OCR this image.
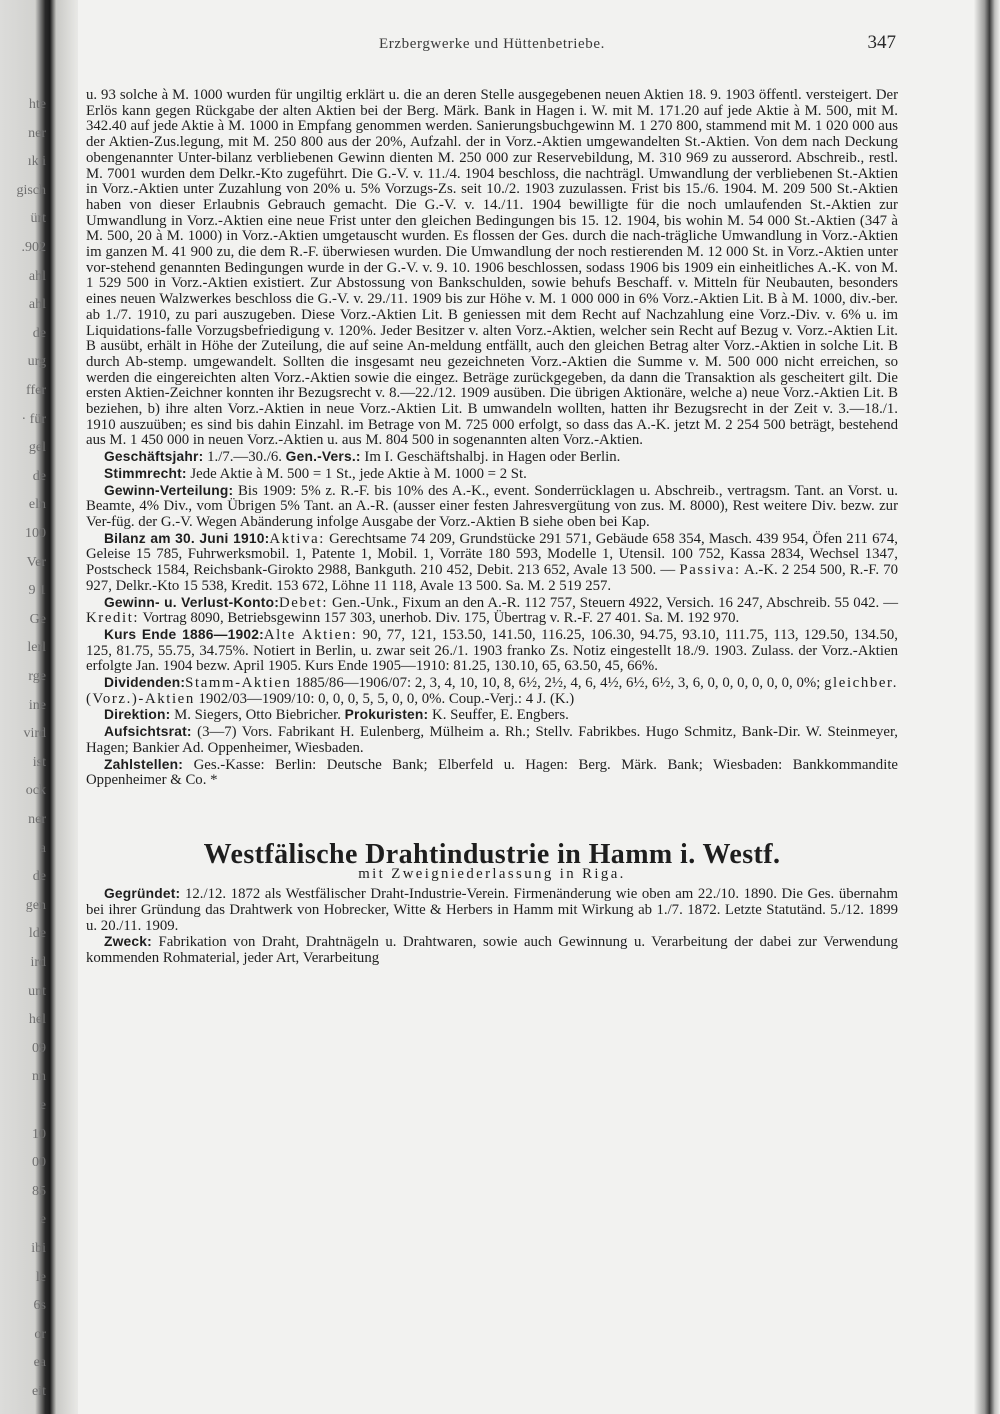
hte
ner
ık i
gisch
ürt
.902
ahl
ahl
de
urg
ffer
· für
gel
de
eln
100
Ver
9 1
Ge
lerl
rge
ine
vird
ist
ock
ner
a
de
gen
lde
ird
unt
hel
09
nn
e
10
00
85
e
ibi
le
6s
or
ea
eit
Erzbergwerke und Hüttenbetriebe.	347

u. 93 solche à M. 1000 wurden für ungiltig erklärt u. die an deren Stelle ausgegebenen neuen Aktien 18. 9. 1903 öffentl. versteigert. Der Erlös kann gegen Rückgabe der alten Aktien bei der Berg. Märk. Bank in Hagen i. W. mit M. 171.20 auf jede Aktie à M. 500, mit M. 342.40 auf jede Aktie à M. 1000 in Empfang genommen werden. Sanierungsbuchgewinn M. 1 270 800, stammend mit M. 1 020 000 aus der Aktien-Zus.legung, mit M. 250 800 aus der 20%, Aufzahl. der in Vorz.-Aktien umgewandelten St.-Aktien. Von dem nach Deckung obengenannter Unter-bilanz verbliebenen Gewinn dienten M. 250 000 zur Reservebildung, M. 310 969 zu ausserord. Abschreib., restl. M. 7001 wurden dem Delkr.-Kto zugeführt. Die G.-V. v. 11./4. 1904 beschloss, die nachträgl. Umwandlung der verbliebenen St.-Aktien in Vorz.-Aktien unter Zuzahlung von 20% u. 5% Vorzugs-Zs. seit 10./2. 1903 zuzulassen. Frist bis 15./6. 1904. M. 209 500 St.-Aktien haben von dieser Erlaubnis Gebrauch gemacht. Die G.-V. v. 14./11. 1904 bewilligte für die noch umlaufenden St.-Aktien zur Umwandlung in Vorz.-Aktien eine neue Frist unter den gleichen Bedingungen bis 15. 12. 1904, bis wohin M. 54 000 St.-Aktien (347 à M. 500, 20 à M. 1000) in Vorz.-Aktien umgetauscht wurden. Es flossen der Ges. durch die nach-trägliche Umwandlung in Vorz.-Aktien im ganzen M. 41 900 zu, die dem R.-F. überwiesen wurden. Die Umwandlung der noch restierenden M. 12 000 St. in Vorz.-Aktien unter vor-stehend genannten Bedingungen wurde in der G.-V. v. 9. 10. 1906 beschlossen, sodass 1906 bis 1909 ein einheitliches A.-K. von M. 1 529 500 in Vorz.-Aktien existiert. Zur Abstossung von Bankschulden, sowie behufs Beschaff. v. Mitteln für Neubauten, besonders eines neuen Walzwerkes beschloss die G.-V. v. 29./11. 1909 bis zur Höhe v. M. 1 000 000 in 6% Vorz.-Aktien Lit. B à M. 1000, div.-ber. ab 1./7. 1910, zu pari auszugeben. Diese Vorz.-Aktien Lit. B geniessen mit dem Recht auf Nachzahlung eine Vorz.-Div. v. 6% u. im Liquidations-falle Vorzugsbefriedigung v. 120%. Jeder Besitzer v. alten Vorz.-Aktien, welcher sein Recht auf Bezug v. Vorz.-Aktien Lit. B ausübt, erhält in Höhe der Zuteilung, die auf seine An-meldung entfällt, auch den gleichen Betrag alter Vorz.-Aktien in solche Lit. B durch Ab-stemp. umgewandelt. Sollten die insgesamt neu gezeichneten Vorz.-Aktien die Summe v. M. 500 000 nicht erreichen, so werden die eingereichten alten Vorz.-Aktien sowie die eingez. Beträge zurückgegeben, da dann die Transaktion als gescheitert gilt. Die ersten Aktien-Zeichner konnten ihr Bezugsrecht v. 8.—22./12. 1909 ausüben. Die übrigen Aktionäre, welche a) neue Vorz.-Aktien Lit. B beziehen, b) ihre alten Vorz.-Aktien in neue Vorz.-Aktien Lit. B umwandeln wollten, hatten ihr Bezugsrecht in der Zeit v. 3.—18./1. 1910 auszuüben; es sind bis dahin Einzahl. im Betrage von M. 725 000 erfolgt, so dass das A.-K. jetzt M. 2 254 500 beträgt, bestehend aus M. 1 450 000 in neuen Vorz.-Aktien u. aus M. 804 500 in sogenannten alten Vorz.-Aktien.

Geschäftsjahr: 1./7.—30./6. Gen.-Vers.: Im I. Geschäftshalbj. in Hagen oder Berlin.

Stimmrecht: Jede Aktie à M. 500 = 1 St., jede Aktie à M. 1000 = 2 St.

Gewinn-Verteilung: Bis 1909: 5% z. R.-F. bis 10% des A.-K., event. Sonderrücklagen u. Abschreib., vertragsm. Tant. an Vorst. u. Beamte, 4% Div., vom Übrigen 5% Tant. an A.-R. (ausser einer festen Jahresvergütung von zus. M. 8000), Rest weitere Div. bezw. zur Ver-füg. der G.-V. Wegen Abänderung infolge Ausgabe der Vorz.-Aktien B siehe oben bei Kap.

Bilanz am 30. Juni 1910:Aktiva: Gerechtsame 74 209, Grundstücke 291 571, Gebäude 658 354, Masch. 439 954, Öfen 211 674, Geleise 15 785, Fuhrwerksmobil. 1, Patente 1, Mobil. 1, Vorräte 180 593, Modelle 1, Utensil. 100 752, Kassa 2834, Wechsel 1347, Postscheck 1584, Reichsbank-Girokto 2988, Bankguth. 210 452, Debit. 213 652, Avale 13 500. — Passiva: A.-K. 2 254 500, R.-F. 70 927, Delkr.-Kto 15 538, Kredit. 153 672, Löhne 11 118, Avale 13 500. Sa. M. 2 519 257.

Gewinn- u. Verlust-Konto:Debet: Gen.-Unk., Fixum an den A.-R. 112 757, Steuern 4922, Versich. 16 247, Abschreib. 55 042. — Kredit: Vortrag 8090, Betriebsgewinn 157 303, unerhob. Div. 175, Übertrag v. R.-F. 27 401. Sa. M. 192 970.

Kurs Ende 1886—1902:Alte Aktien: 90, 77, 121, 153.50, 141.50, 116.25, 106.30, 94.75, 93.10, 111.75, 113, 129.50, 134.50, 125, 81.75, 55.75, 34.75%. Notiert in Berlin, u. zwar seit 26./1. 1903 franko Zs. Notiz eingestellt 18./9. 1903. Zulass. der Vorz.-Aktien erfolgte Jan. 1904 bezw. April 1905. Kurs Ende 1905—1910: 81.25, 130.10, 65, 63.50, 45, 66%.

Dividenden:Stamm-Aktien 1885/86—1906/07: 2, 3, 4, 10, 10, 8, 6½, 2½, 4, 6, 4½, 6½, 6½, 3, 6, 0, 0, 0, 0, 0, 0, 0%; gleichber. (Vorz.)-Aktien 1902/03—1909/10: 0, 0, 0, 5, 5, 0, 0, 0%. Coup.-Verj.: 4 J. (K.)

Direktion: M. Siegers, Otto Biebricher. Prokuristen: K. Seuffer, E. Engbers.

Aufsichtsrat: (3—7) Vors. Fabrikant H. Eulenberg, Mülheim a. Rh.; Stellv. Fabrikbes. Hugo Schmitz, Bank-Dir. W. Steinmeyer, Hagen; Bankier Ad. Oppenheimer, Wiesbaden.

Zahlstellen: Ges.-Kasse: Berlin: Deutsche Bank; Elberfeld u. Hagen: Berg. Märk. Bank; Wiesbaden: Bankkommandite Oppenheimer & Co. *

Westfälische Drahtindustrie in Hamm i. Westf.
mit Zweigniederlassung in Riga.

Gegründet: 12./12. 1872 als Westfälischer Draht-Industrie-Verein. Firmenänderung wie oben am 22./10. 1890. Die Ges. übernahm bei ihrer Gründung das Drahtwerk von Hobrecker, Witte & Herbers in Hamm mit Wirkung ab 1./7. 1872. Letzte Statutänd. 5./12. 1899 u. 20./11. 1909.

Zweck: Fabrikation von Draht, Drahtnägeln u. Drahtwaren, sowie auch Gewinnung u. Verarbeitung der dabei zur Verwendung kommenden Rohmaterial, jeder Art, Verarbeitung
